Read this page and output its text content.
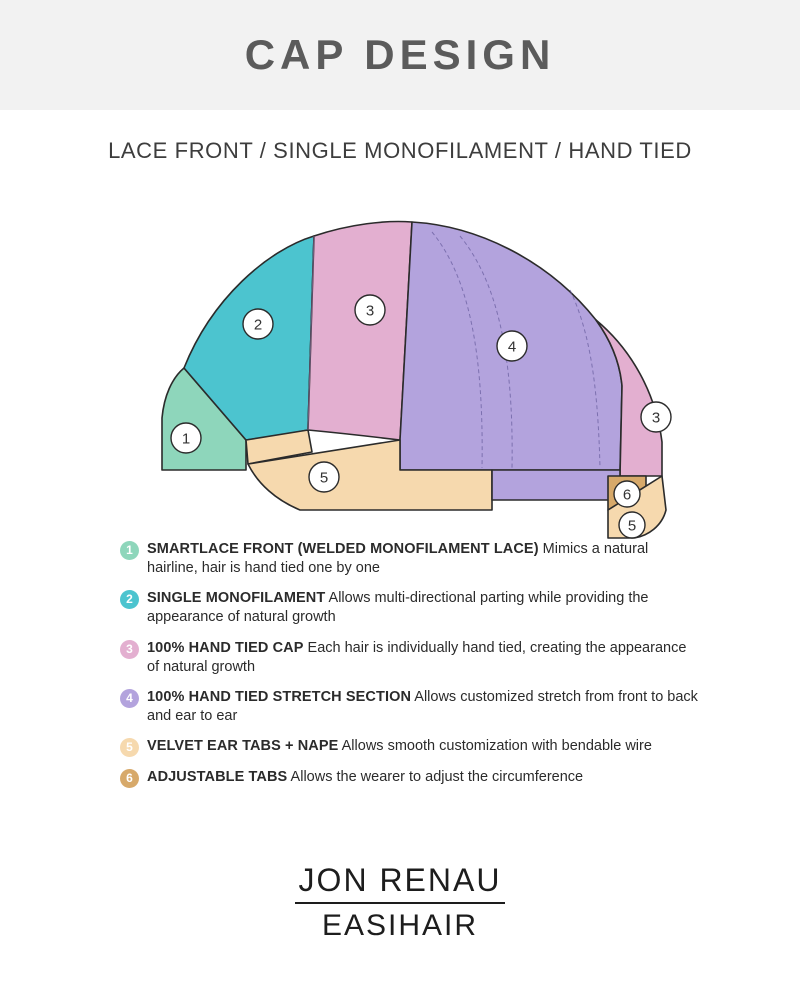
CAP DESIGN
LACE FRONT / SINGLE MONOFILAMENT / HAND TIED
1
2
3
4
3
5
6
5
1 SMARTLACE FRONT (WELDED MONOFILAMENT LACE) Mimics a natural hairline, hair is hand tied one by one
2 SINGLE MONOFILAMENT Allows multi-directional parting while providing the appearance of natural growth
3 100% HAND TIED CAP Each hair is individually hand tied, creating the appearance of natural growth
4 100% HAND TIED STRETCH SECTION Allows customized stretch from front to back and ear to ear
5 VELVET EAR TABS + NAPE Allows smooth customization with bendable wire
6 ADJUSTABLE TABS Allows the wearer to adjust the circumference
JON RENAU
EASIHAIR
